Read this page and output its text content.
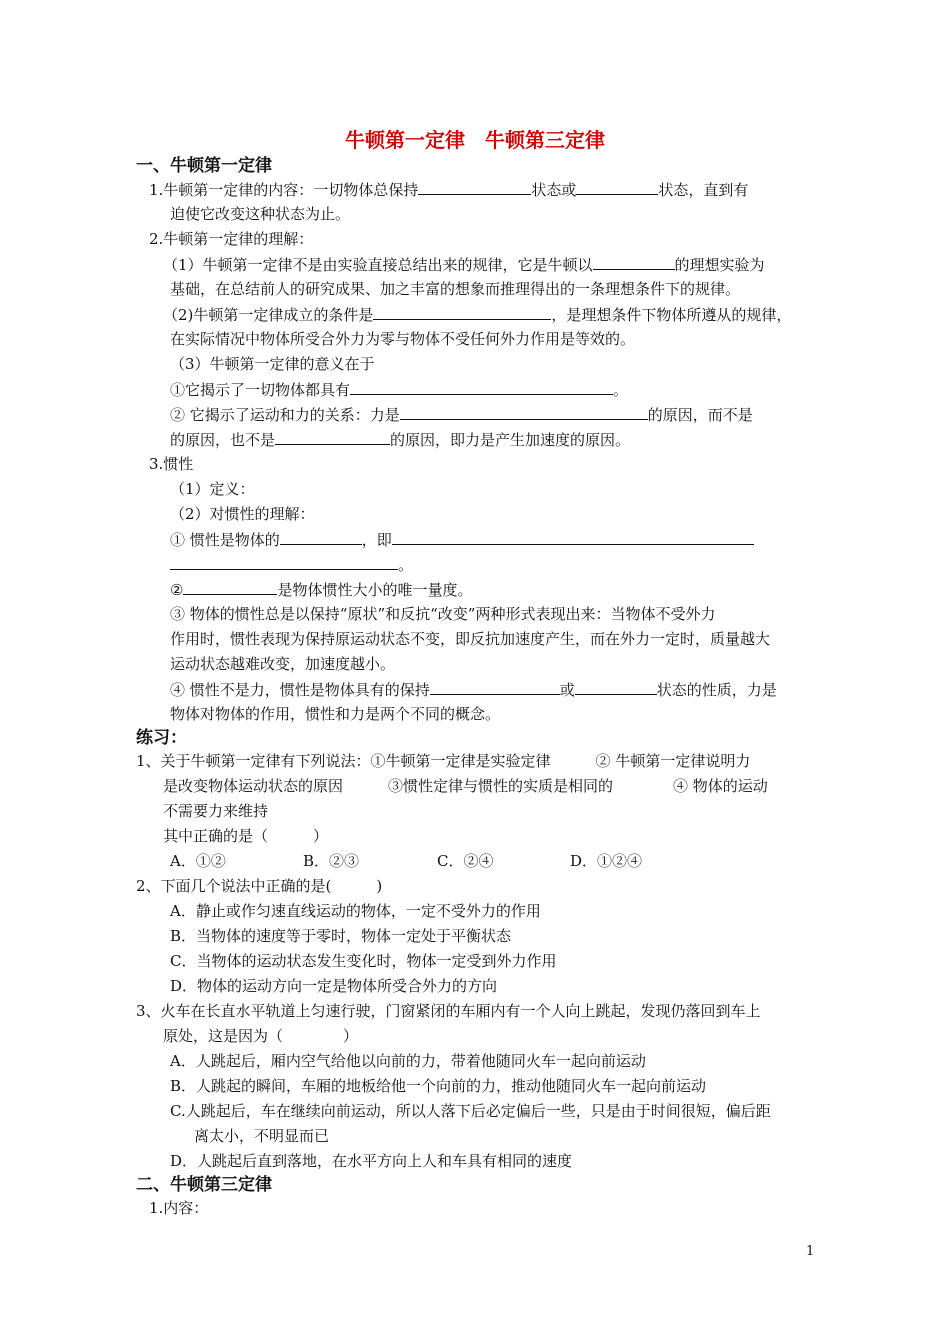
牛顿第一定律　牛顿第三定律
一、牛顿第一定律
1.牛顿第一定律的内容：一切物体总保持	状态或	状态，直到有
迫使它改变这种状态为止。
2.牛顿第一定律的理解：
（1）牛顿第一定律不是由实验直接总结出来的规律，它是牛顿以	的理想实验为
基础，在总结前人的研究成果、加之丰富的想象而推理得出的一条理想条件下的规律。
（2)牛顿第一定律成立的条件是	，是理想条件下物体所遵从的规律，
在实际情况中物体所受合外力为零与物体不受任何外力作用是等效的。
（3）牛顿第一定律的意义在于
①它揭示了一切物体都具有	。
② 它揭示了运动和力的关系：力是	的原因，而不是
的原因，也不是	的原因，即力是产生加速度的原因。
3.惯性
（1）定义：
（2）对惯性的理解：
① 惯性是物体的	，即
。
②	是物体惯性大小的唯一量度。
③ 物体的惯性总是以保持“原状”和反抗“改变”两种形式表现出来：当物体不受外力
作用时，惯性表现为保持原运动状态不变，即反抗加速度产生，而在外力一定时，质量越大
运动状态越难改变，加速度越小。
④ 惯性不是力，惯性是物体具有的保持	或	状态的性质，力是
物体对物体的作用，惯性和力是两个不同的概念。
练习：
1、关于牛顿第一定律有下列说法：①牛顿第一定律是实验定律　　　② 牛顿第一定律说明力
是改变物体运动状态的原因　　　③惯性定律与惯性的实质是相同的　　　　④ 物体的运动
不需要力来维持
其中正确的是（　　　）
A．①②	B．②③	C．②④	D．①②④
2、下面几个说法中正确的是(　　　)
A．静止或作匀速直线运动的物体，一定不受外力的作用
B．当物体的速度等于零时，物体一定处于平衡状态
C．当物体的运动状态发生变化时，物体一定受到外力作用
D．物体的运动方向一定是物体所受合外力的方向
3、火车在长直水平轨道上匀速行驶，门窗紧闭的车厢内有一个人向上跳起，发现仍落回到车上
原处，这是因为（　　　　）
A．人跳起后，厢内空气给他以向前的力，带着他随同火车一起向前运动
B．人跳起的瞬间，车厢的地板给他一个向前的力，推动他随同火车一起向前运动
C.人跳起后，车在继续向前运动，所以人落下后必定偏后一些，只是由于时间很短，偏后距
离太小，不明显而已
D．人跳起后直到落地，在水平方向上人和车具有相同的速度
二、牛顿第三定律
1.内容：
1
